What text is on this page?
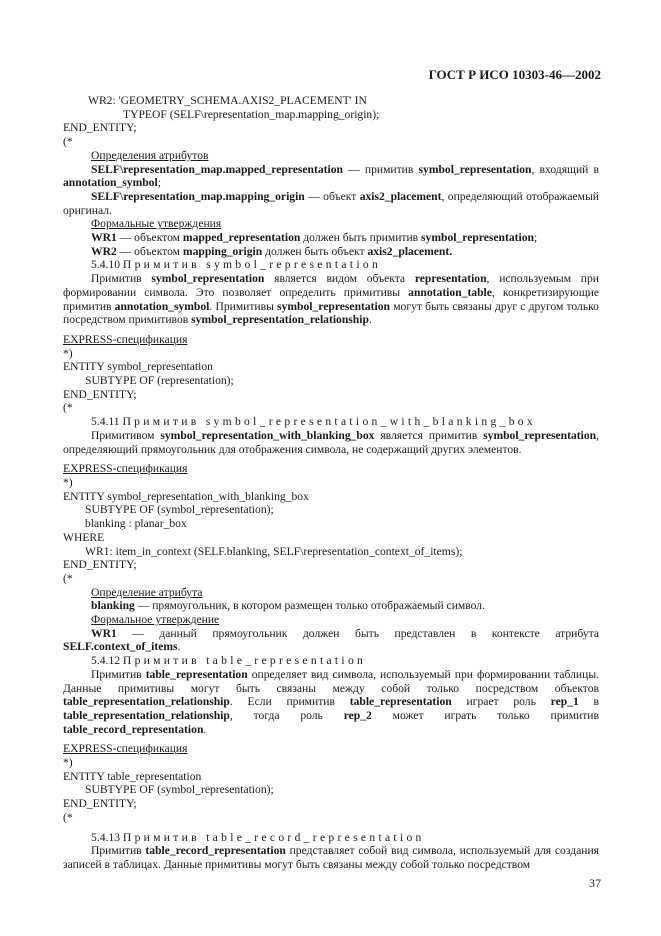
ГОСТ Р ИСО 10303-46—2002
WR2: 'GEOMETRY_SCHEMA.AXIS2_PLACEMENT' IN
TYPEOF (SELF\representation_map.mapping_origin);
END_ENTITY;
(*
Определения атрибутов

SELF\representation_map.mapped_representation — примитив symbol_representation, входящий в annotation_symbol;

SELF\representation_map.mapping_origin — объект axis2_placement, определяющий отображаемый оригинал.

Формальные утверждения
WR1 — объектом mapped_representation должен быть примитив symbol_representation;
WR2 — объектом mapping_origin должен быть объект axis2_placement.
5.4.10 Примитив symbol_representation

Примитив symbol_representation является видом объекта representation, используемым при формировании символа. Это позволяет определить примитивы annotation_table, конкретизирующие примитив annotation_symbol. Примитивы symbol_representation могут быть связаны друг с другом только посредством примитивов symbol_representation_relationship.

EXPRESS-спецификация
*)
ENTITY symbol_representation
SUBTYPE OF (representation);
END_ENTITY;
(*
5.4.11 Примитив symbol_representation_with_blanking_box

Примитивом symbol_representation_with_blanking_box является примитив symbol_representation, определяющий прямоугольник для отображения символа, не содержащий других элементов.

EXPRESS-спецификация
*)
ENTITY symbol_representation_with_blanking_box
SUBTYPE OF (symbol_representation);
blanking : planar_box
WHERE
WR1: item_in_context (SELF.blanking, SELF\representation_context_of_items);
END_ENTITY;
(*
Определение атрибута
blanking — прямоугольник, в котором размещен только отображаемый символ.
Формальное утверждение

WR1 — данный прямоугольник должен быть представлен в контексте атрибута SELF.context_of_items.

5.4.12 Примитив table_representation

Примитив table_representation определяет вид символа, используемый при формировании таблицы. Данные примитивы могут быть связаны между собой только посредством объектов table_representation_relationship. Если примитив table_representation играет роль rep_1 в table_representation_relationship, тогда роль rep_2 может играть только примитив table_record_representation.

EXPRESS-спецификация
*)
ENTITY table_representation
SUBTYPE OF (symbol_representation);
END_ENTITY;
(*
5.4.13 Примитив table_record_representation

Примитив table_record_representation представляет собой вид символа, используемый для создания записей в таблицах. Данные примитивы могут быть связаны между собой только посредством

37
